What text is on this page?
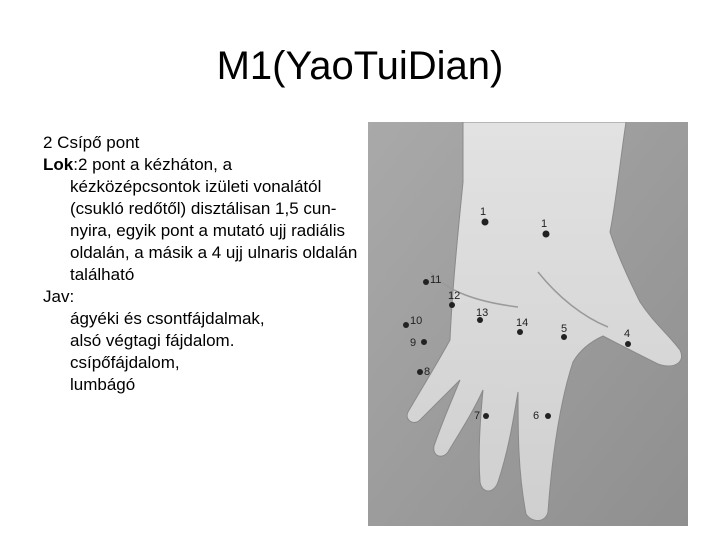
M1(YaoTuiDian)

2 Csípő pont

Lok:2 pont a kézháton, a kézközépcsontok izületi vonalától (csukló redőtől) disztálisan 1,5 cun-nyira, egyik pont a mutató ujj radiális oldalán, a másik a 4 ujj ulnaris oldalán található

Jav:

ágyéki és csontfájdalmak,

alsó végtagi fájdalom.

csípőfájdalom,

lumbágó

1
1
11
12
13
14	5	4
10
9
8
7	6
